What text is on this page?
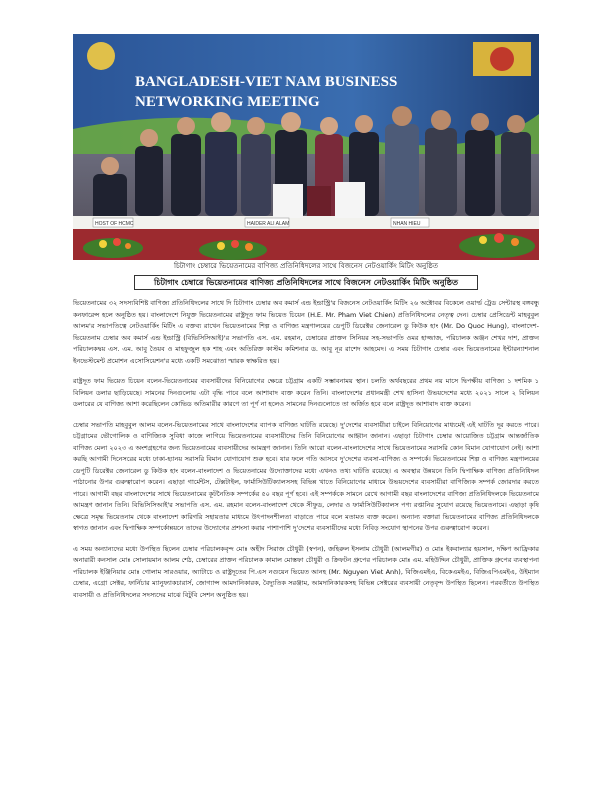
BANGLADESH-VIET NAM BUSINESS
NETWORKING MEETING
HOST OF HCMC	HAIDER ALI ALAM	NHAN HIEU
চিটাগাং চেম্বারে ভিয়েতনামের বাণিজ্য প্রতিনিধিদলের সাথে বিজনেস নেটওয়ার্কিং মিটিং অনুষ্ঠিত
চিটাগাং চেম্বারে ভিয়েতনামের বাণিজ্য প্রতিনিধিদলের সাথে বিজনেস নেটওয়ার্কিং মিটিং অনুষ্ঠিত

ভিয়েতনামের ৩২ সদস্যবিশিষ্ট বাণিজ্য প্রতিনিধিদলের সাথে দি চিটাগাং চেম্বার অব কমার্স এন্ড ইন্ডাস্ট্রি'র বিজনেস নেটওয়ার্কিং মিটিং ২৬ অক্টোবর বিকেলে ওয়ার্ল্ড ট্রেড সেন্টারস্থ বঙ্গবন্ধু কনফারেন্স হলে অনুষ্ঠিত হয়। বাংলাদেশে নিযুক্ত ভিয়েতনামের রাষ্ট্রদূত ফাম ভিয়েত চিয়েন (H.E. Mr. Pham Viet Chien) প্রতিনিধিদলের নেতৃত্ব দেন। চেম্বার প্রেসিডেন্ট মাহবুবুল আলম'র সভাপতিত্বে নেটওয়ার্কিং মিটিং এ বক্তব্য রাখেন ভিয়েতনামের শিল্প ও বাণিজ্য মন্ত্রণালয়ের ডেপুটি ডিরেক্টর জেনারেল ডু কিউক হাং (Mr. Do Quoc Hung), বাংলাদেশ-ভিয়েতনাম চেম্বার অব কমার্স এন্ড ইন্ডাস্ট্রি (বিভিসিসিআই)'র সভাপতি এস. এম. রহমান, চেম্বারের প্রাক্তন সিনিয়র সহ-সভাপতি ওমর হাজ্জাজ, পরিচালক অঞ্জন শেখর দাশ, প্রাক্তন পরিচালকদ্বয় এস. এম. আবু তৈয়ব ও মাহফুজুল হক শাহ এবং অতিরিক্ত কাস্টম কমিশনার ড. আবু নূর রাশেদ আহমেদ। এ সময় চিটাগাং চেম্বার এবং ভিয়েতনামের ইন্টারন্যাশনাল ইনভেস্টমেন্ট প্রমোশন এসোসিয়েশন'র মধ্যে একটি সমঝোতা স্মারক স্বাক্ষরিত হয়।

রাষ্ট্রদূত ফাম ভিয়েত চিয়েন বলেন-ভিয়েতনামের ব্যবসায়ীদের বিনিয়োগের ক্ষেত্রে চট্টগ্রাম একটি সম্ভাবনাময় স্থান। চলতি অর্থবছরের প্রথম নয় মাসে দ্বিপক্ষীয় বাণিজ্য ১ দশমিক ১ বিলিয়ন ডলার ছাড়িয়েছে। সামনের দিনগুলোয় এটা বৃদ্ধি পাবে বলে আশাবাদ ব্যক্ত করেন তিনি। বাংলাদেশের প্রধানমন্ত্রী শেখ হাসিনা উভয়দেশের মধ্যে ২০২১ সালে ২ বিলিয়ন ডলারের যে বাণিজ্য আশা করেছিলেন কোভিড অতিমারীর কারণে তা পূর্ণ না হলেও সামনের দিনগুলোতে তা অর্জিত হবে বলে রাষ্ট্রদূত আশাবাদ ব্যক্ত করেন।

চেম্বার সভাপতি মাহবুবুল আলম বলেন-ভিয়েতনামের সাথে বাংলাদেশের ব্যাপক বাণিজ্য ঘাটতি রয়েছে। দু'দেশের ব্যবসায়ীরা চাইলে বিনিয়োগের মাধ্যমেই এই ঘাটতি দূর করতে পারে। চট্টগ্রামের ভৌগোলিক ও বাণিজ্যিক সুবিধা কাজে লাগিয়ে ভিয়েতনামের ব্যবসায়ীদের তিনি বিনিয়োগের আহ্বান জানান। এছাড়া চিটাগাং চেম্বার আয়োজিত চট্টগ্রাম আন্তর্জাতিক বাণিজ্য মেলা ২০২৩ এ অংশগ্রহণের জন্য ভিয়েতনামের ব্যবসায়ীদের আমন্ত্রণ জানান। তিনি আরো বলেন-বাংলাদেশের সাথে ভিয়েতনামের সরাসরি কোন বিমান যোগাযোগ নেই। আশা করছি আগামী দিনেসরের মধ্যে ঢাকা-হ্যানয় সরাসরি বিমান যোগাযোগ শুরু হবে। যার ফলে গতি আসবে দু'দেশের ব্যবসা-বাণিজ্য ও সম্পর্কে। ভিয়েতনামের শিল্প ও বাণিজ্য মন্ত্রণালয়ের ডেপুটি ডিরেক্টর জেনারেল ডু কিউক হাং বলেন-বাংলাদেশ ও ভিয়েতনামের উদ্যোক্তাদের মধ্যে এখনও তথ্য ঘাটতি রয়েছে। এ অবস্থার উন্নয়নে তিনি দ্বিপাক্ষিক বাণিজ্য প্রতিনিধিদল পাঠানোর উপর গুরুত্বারোপ করেন। এছাড়া গার্মেন্টস, টেক্সটাইল, ফার্মাসিউটিক্যালসসহ বিভিন্ন খাতে বিনিয়োগের মাধ্যমে উভয়দেশের ব্যবসায়ীরা বাণিজ্যিক সম্পর্ক জোরদার করতে পারে। আগামী বছর বাংলাদেশের সাথে ভিয়েতনামের কূটনৈতিক সম্পর্কের ৫০ বছর পূর্ণ হবে। এই সম্পর্ককে সামনে রেখে আগামী বছর বাংলাদেশের বাণিজ্য প্রতিনিধিদলকে ভিয়েতনামে আমন্ত্রণ জানান তিনি। বিভিসিসিআই'র সভাপতি এস. এম. রহমান বলেন-বাংলাদেশ থেকে সীফুড, লেদার ও ফার্মাসিউটিক্যালস পণ্য রপ্তানির সুযোগ রয়েছে ভিয়েতনামে। এছাড়া কৃষি ক্ষেত্রে সমৃদ্ধ ভিয়েতনাম থেকে বাংলাদেশ কারিগরি সহায়তার মাধ্যমে উৎপাদনশীলতা বাড়াতে পারে বলে মতামত ব্যক্ত করেন। অন্যান্য বক্তারা ভিয়েতনামের বাণিজ্য প্রতিনিধিদলকে স্বাগত জানান এবং দ্বিপাক্ষিক সম্পর্কোন্নয়নে তাদের উদ্যোগের প্রশংসা করার পাশাপাশি দু'দেশের ব্যবসায়ীদের মধ্যে নিবিড় সংযোগ স্থাপনের উপর গুরুত্বারোপ করেন।

এ সময় অন্যান্যদের মধ্যে উপস্থিত ছিলেন চেম্বার পরিচালকবৃন্দ মোঃ অহীদ সিরাজ চৌধুরী (স্বপন), জহিরুল ইসলাম চৌধুরী (আলমগীর) ও মোঃ ইকবাল্যার হয়সাল, দক্ষিণ আফ্রিকার অনারারী কনসাল মোঃ সোলায়মান আলম শেঠ, চেম্বারের প্রাক্তন পরিচালক কামাল মোস্তফা চৌধুরী ও ক্রিফটন গ্রুপের পরিচালক মোঃ এম. মহিউদ্দিন চৌধুরী, প্রাক্তিক গ্রুপের ব্যবস্থাপনা পরিচালক ইঞ্জিনিয়ার মোঃ গোলাম সারওয়ার, অ্যাটাচে ও রাষ্ট্রদূতের পি.এস নগুয়েন ভিয়েত আনহ (Mr. Nguyen Viet Anh), বিজিএমইএ, বিকেএমইএ, বিজিএপিএমইএ, উইম্যান চেম্বার, এগ্রো সেক্টর, ফার্নিচার ম্যানুফ্যাকচারার্স, জোগ্যান্স আমদানিকারক, বৈদ্যুতিক সরঞ্জাম, আমদানিকারকসহ বিভিন্ন সেক্টরের ব্যবসায়ী নেতৃবৃন্দ উপস্থিত ছিলেন। পরবর্তীতে উপস্থিত ব্যবসায়ী ও প্রতিনিধিদলের সদস্যদের মাঝে বিটুবি সেশন অনুষ্ঠিত হয়।
